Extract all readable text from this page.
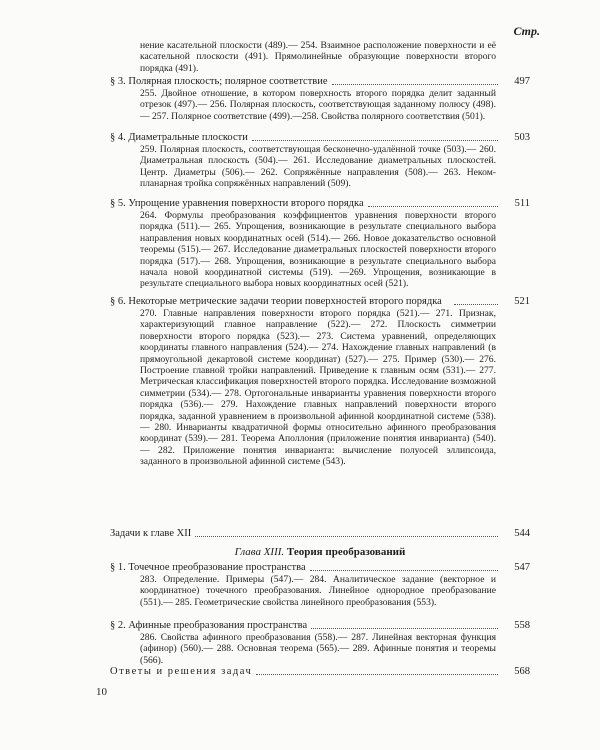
Стр.
нение касательной плоскости (489).— 254. Взаимное расположение поверхности и её касательной плоскости (491). Прямолинейные образующие поверхности второго порядка (491).
§ 3. Полярная плоскость; полярное соответствие	497
255. Двойное отношение, в котором поверхность второго порядка делит заданный отрезок (497).— 256. Полярная плоскость, соответствующая заданному полюсу (498).— 257. Полярное соответствие (499).—258. Свойства полярного соответствия (501).
§ 4. Диаметральные плоскости	503
259. Полярная плоскость, соответствующая бесконечно-удалённой точке (503).— 260. Диаметральная плоскость (504).— 261. Исследование диаметральных плоскостей. Центр. Диаметры (506).— 262. Сопряжённые направления (508).— 263. Неком-планарная тройка сопряжённых направлений (509).
§ 5. Упрощение уравнения поверхности второго порядка	511
264. Формулы преобразования коэффициентов уравнения поверхности второго порядка (511).— 265. Упрощения, возникающие в результате специального выбора направления новых координатных осей (514).— 266. Новое доказательство основной теоремы (515).— 267. Исследование диаметральных плоскостей поверхности второго порядка (517).— 268. Упрощения, возникающие в результате специального выбора начала новой координатной системы (519). —269. Упрощения, возникающие в результате специального выбора новых координатных осей (521).
§ 6. Некоторые метрические задачи теории поверхностей второго порядка	521
270. Главные направления поверхности второго порядка (521).— 271. Признак, характеризующий главное направление (522).— 272. Плоскость симметрии поверхности второго порядка (523).— 273. Система уравнений, определяющих координаты главного направления (524).— 274. Нахождение главных направлений (в прямоугольной декартовой системе координат) (527).— 275. Пример (530).— 276. Построение главной тройки направлений. Приведение к главным осям (531).— 277. Метрическая классификация поверхностей второго порядка. Исследование возможной симметрии (534).— 278. Ортогональные инварианты уравнения поверхности второго порядка (536).— 279. Нахождение главных направлений поверхности второго порядка, заданной уравнением в произвольной афинной координатной системе (538).— 280. Инварианты квадратичной формы относительно афинного преобразования координат (539).— 281. Теорема Аполлония (приложение понятия инварианта) (540).— 282. Приложение понятия инварианта: вычисление полуосей эллипсоида, заданного в произвольной афинной системе (543).
Задачи к главе XII	544
Глава XIII. Теория преобразований
§ 1. Точечное преобразование пространства	547
283. Определение. Примеры (547).— 284. Аналитическое задание (векторное и координатное) точечного преобразования. Линейное однородное преобразование (551).— 285. Геометрические свойства линейного преобразования (553).
§ 2. Афинные преобразования пространства	558
286. Свойства афинного преобразования (558).— 287. Линейная векторная функция (афинор) (560).— 288. Основная теорема (565).— 289. Афинные понятия и теоремы (566).
Ответы и решения задач	568
10
